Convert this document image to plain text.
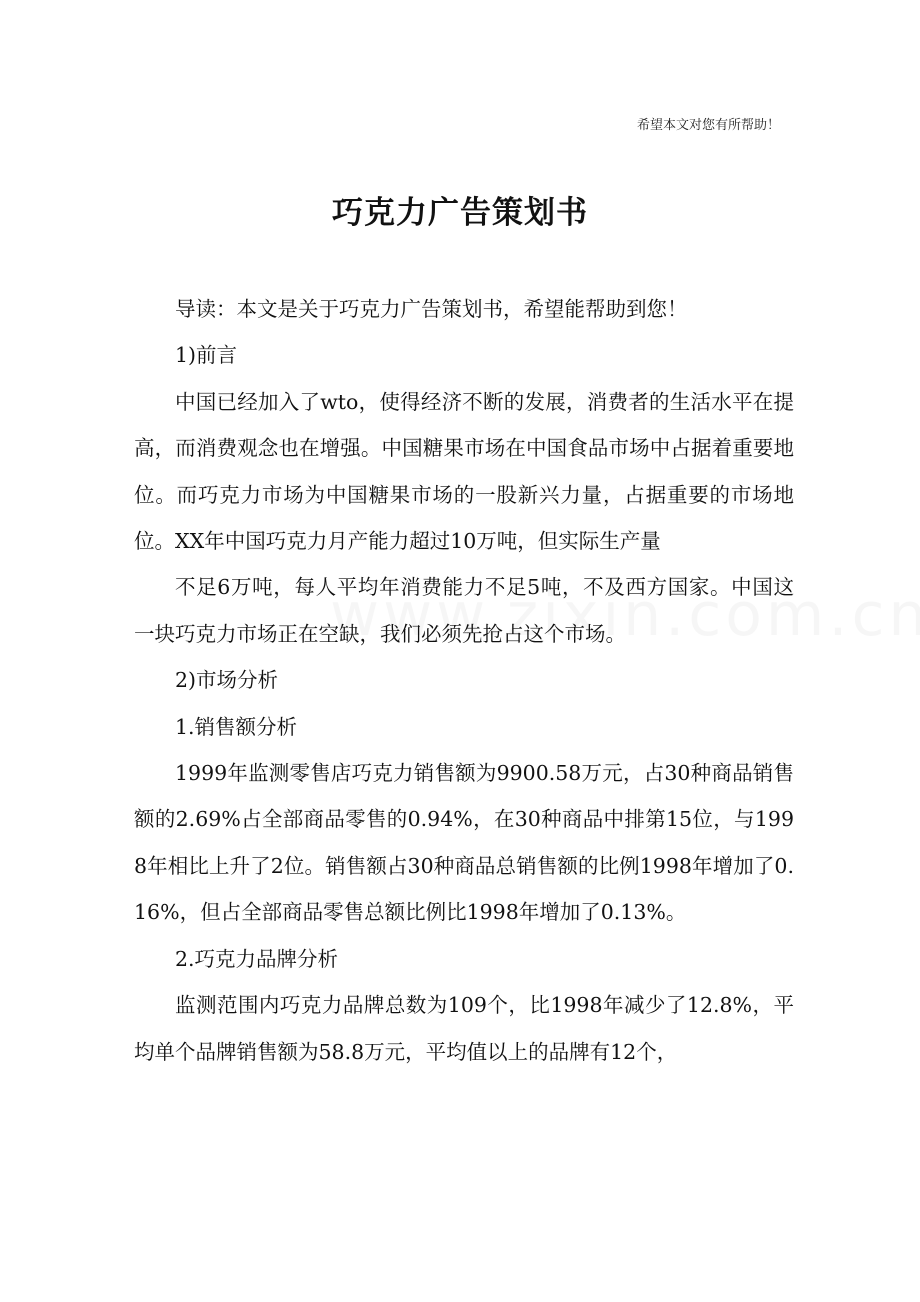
希望本文对您有所帮助！
巧克力广告策划书

导读：本文是关于巧克力广告策划书，希望能帮助到您！

1)前言

中国已经加入了wto，使得经济不断的发展，消费者的生活水平在提高，而消费观念也在增强。中国糖果市场在中国食品市场中占据着重要地位。而巧克力市场为中国糖果市场的一股新兴力量，占据重要的市场地位。XX年中国巧克力月产能力超过10万吨，但实际生产量

不足6万吨，每人平均年消费能力不足5吨，不及西方国家。中国这一块巧克力市场正在空缺，我们必须先抢占这个市场。

2)市场分析

1.销售额分析

1999年监测零售店巧克力销售额为9900.58万元，占30种商品销售额的2.69%占全部商品零售的0.94%，在30种商品中排第15位，与1998年相比上升了2位。销售额占30种商品总销售额的比例1998年增加了0.16%，但占全部商品零售总额比例比1998年增加了0.13%。

2.巧克力品牌分析

监测范围内巧克力品牌总数为109个，比1998年减少了12.8%，平均单个品牌销售额为58.8万元，平均值以上的品牌有12个，
